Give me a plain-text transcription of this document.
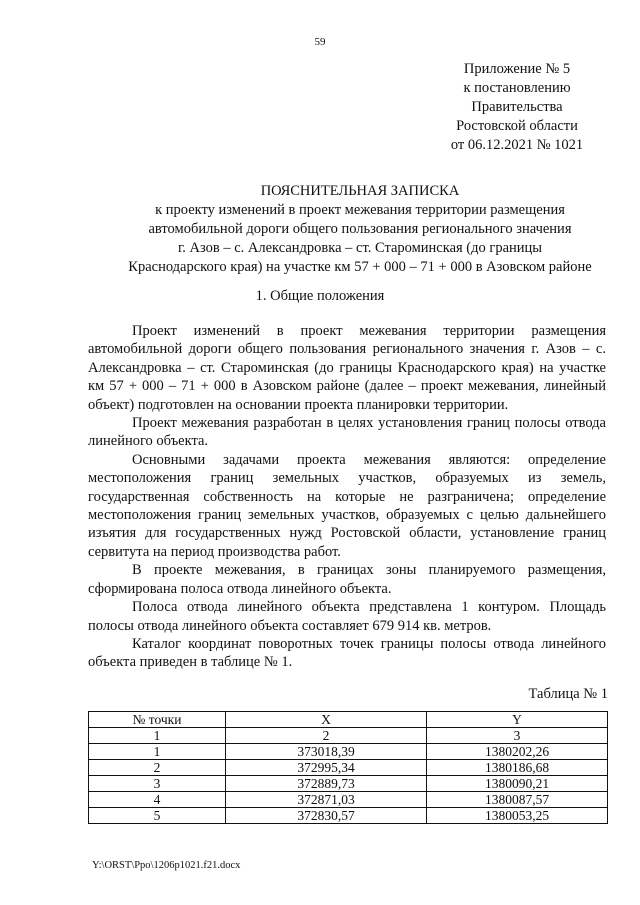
59
Приложение № 5
к постановлению
Правительства
Ростовской области
от 06.12.2021 № 1021
ПОЯСНИТЕЛЬНАЯ ЗАПИСКА
к проекту изменений в проект межевания территории размещения
автомобильной дороги общего пользования регионального значения
г. Азов – с. Александровка – ст. Староминская (до границы
Краснодарского края) на участке км 57 + 000 – 71 + 000 в Азовском районе
1. Общие положения

Проект изменений в проект межевания территории размещения автомобильной дороги общего пользования регионального значения г. Азов – с. Александровка – ст. Староминская (до границы Краснодарского края) на участке км 57 + 000 – 71 + 000 в Азовском районе (далее – проект межевания, линейный объект) подготовлен на основании проекта планировки территории.

Проект межевания разработан в целях установления границ полосы отвода линейного объекта.

Основными задачами проекта межевания являются: определение местоположения границ земельных участков, образуемых из земель, государственная собственность на которые не разграничена; определение местоположения границ земельных участков, образуемых с целью дальнейшего изъятия для государственных нужд Ростовской области, установление границ сервитута на период производства работ.

В проекте межевания, в границах зоны планируемого размещения, сформирована полоса отвода линейного объекта.

Полоса отвода линейного объекта представлена 1 контуром. Площадь полосы отвода линейного объекта составляет 679 914 кв. метров.

Каталог координат поворотных точек границы полосы отвода линейного объекта приведен в таблице № 1.

Таблица № 1
№ точки	X	Y
1	2	3
1	373018,39	1380202,26
2	372995,34	1380186,68
3	372889,73	1380090,21
4	372871,03	1380087,57
5	372830,57	1380053,25
Y:\ORST\Ppo\1206p1021.f21.docx
